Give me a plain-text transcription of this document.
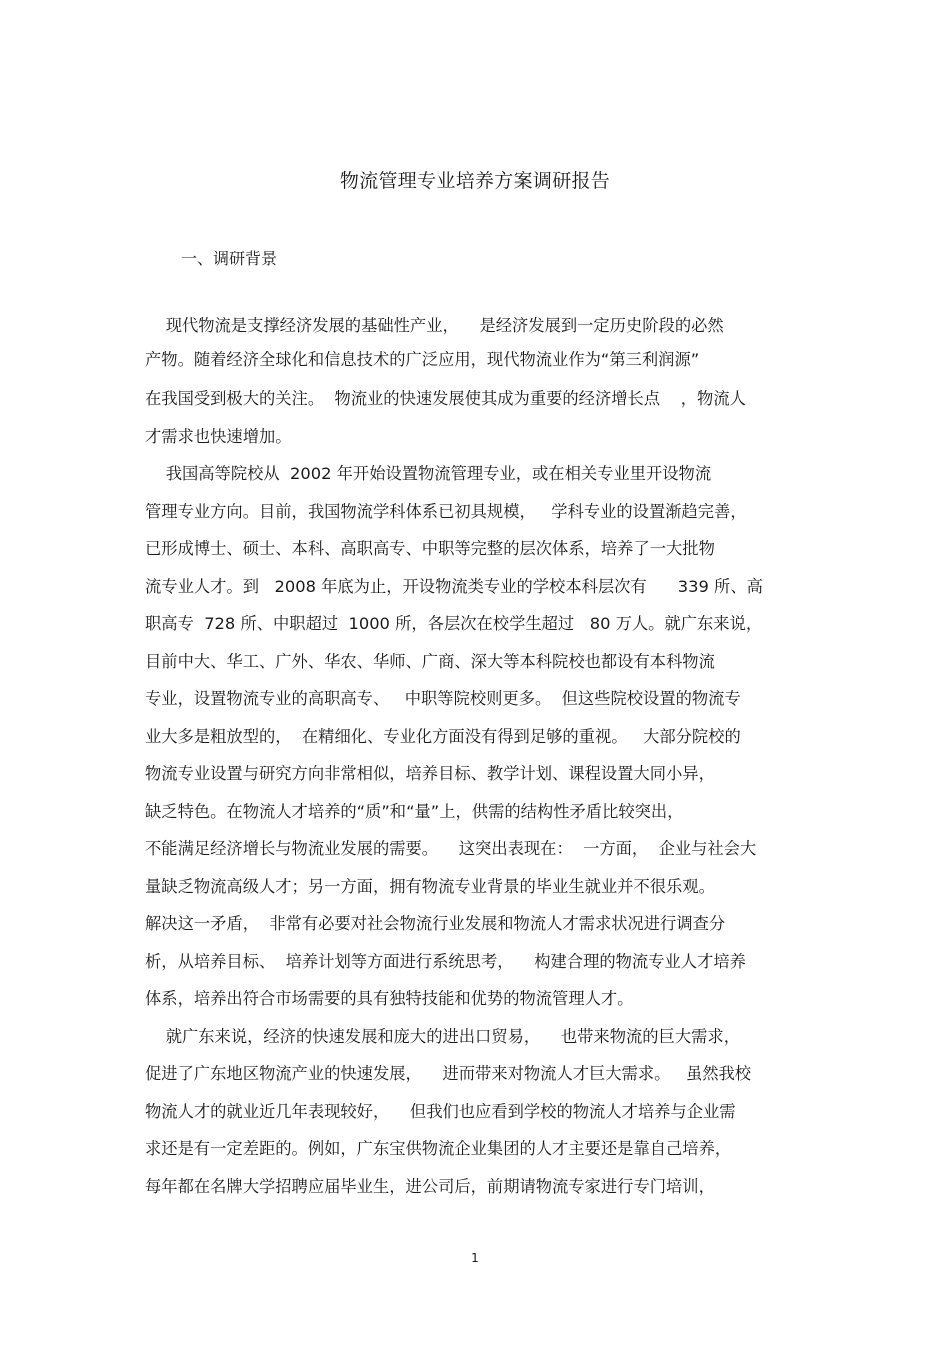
物流管理专业培养方案调研报告
一、调研背景
现代物流是支撑经济发展的基础性产业，    是经济发展到一定历史阶段的必然
产物。随着经济全球化和信息技术的广泛应用，现代物流业作为“第三利润源”
在我国受到极大的关注。  物流业的快速发展使其成为重要的经济增长点    ，物流人
才需求也快速增加。
我国高等院校从  2002 年开始设置物流管理专业，或在相关专业里开设物流
管理专业方向。目前，我国物流学科体系已初具规模，   学科专业的设置渐趋完善，
已形成博士、硕士、本科、高职高专、中职等完整的层次体系，培养了一大批物
流专业人才。到   2008 年底为止，开设物流类专业的学校本科层次有      339 所、高
职高专  728 所、中职超过  1000 所，各层次在校学生超过   80 万人。就广东来说，
目前中大、华工、广外、华农、华师、广商、深大等本科院校也都设有本科物流
专业，设置物流专业的高职高专、   中职等院校则更多。  但这些院校设置的物流专
业大多是粗放型的，  在精细化、专业化方面没有得到足够的重视。   大部分院校的
物流专业设置与研究方向非常相似，培养目标、教学计划、课程设置大同小异，
缺乏特色。在物流人才培养的“质”和“量”上，供需的结构性矛盾比较突出，
不能满足经济增长与物流业发展的需要。    这突出表现在：  一方面，  企业与社会大
量缺乏物流高级人才；另一方面，拥有物流专业背景的毕业生就业并不很乐观。
解决这一矛盾，  非常有必要对社会物流行业发展和物流人才需求状况进行调查分
析，从培养目标、  培养计划等方面进行系统思考，    构建合理的物流专业人才培养
体系，培养出符合市场需要的具有独特技能和优势的物流管理人才。
就广东来说，经济的快速发展和庞大的进出口贸易，    也带来物流的巨大需求，
促进了广东地区物流产业的快速发展，    进而带来对物流人才巨大需求。   虽然我校
物流人才的就业近几年表现较好，    但我们也应看到学校的物流人才培养与企业需
求还是有一定差距的。例如，广东宝供物流企业集团的人才主要还是靠自己培养，
每年都在名牌大学招聘应届毕业生，进公司后，前期请物流专家进行专门培训，
1
